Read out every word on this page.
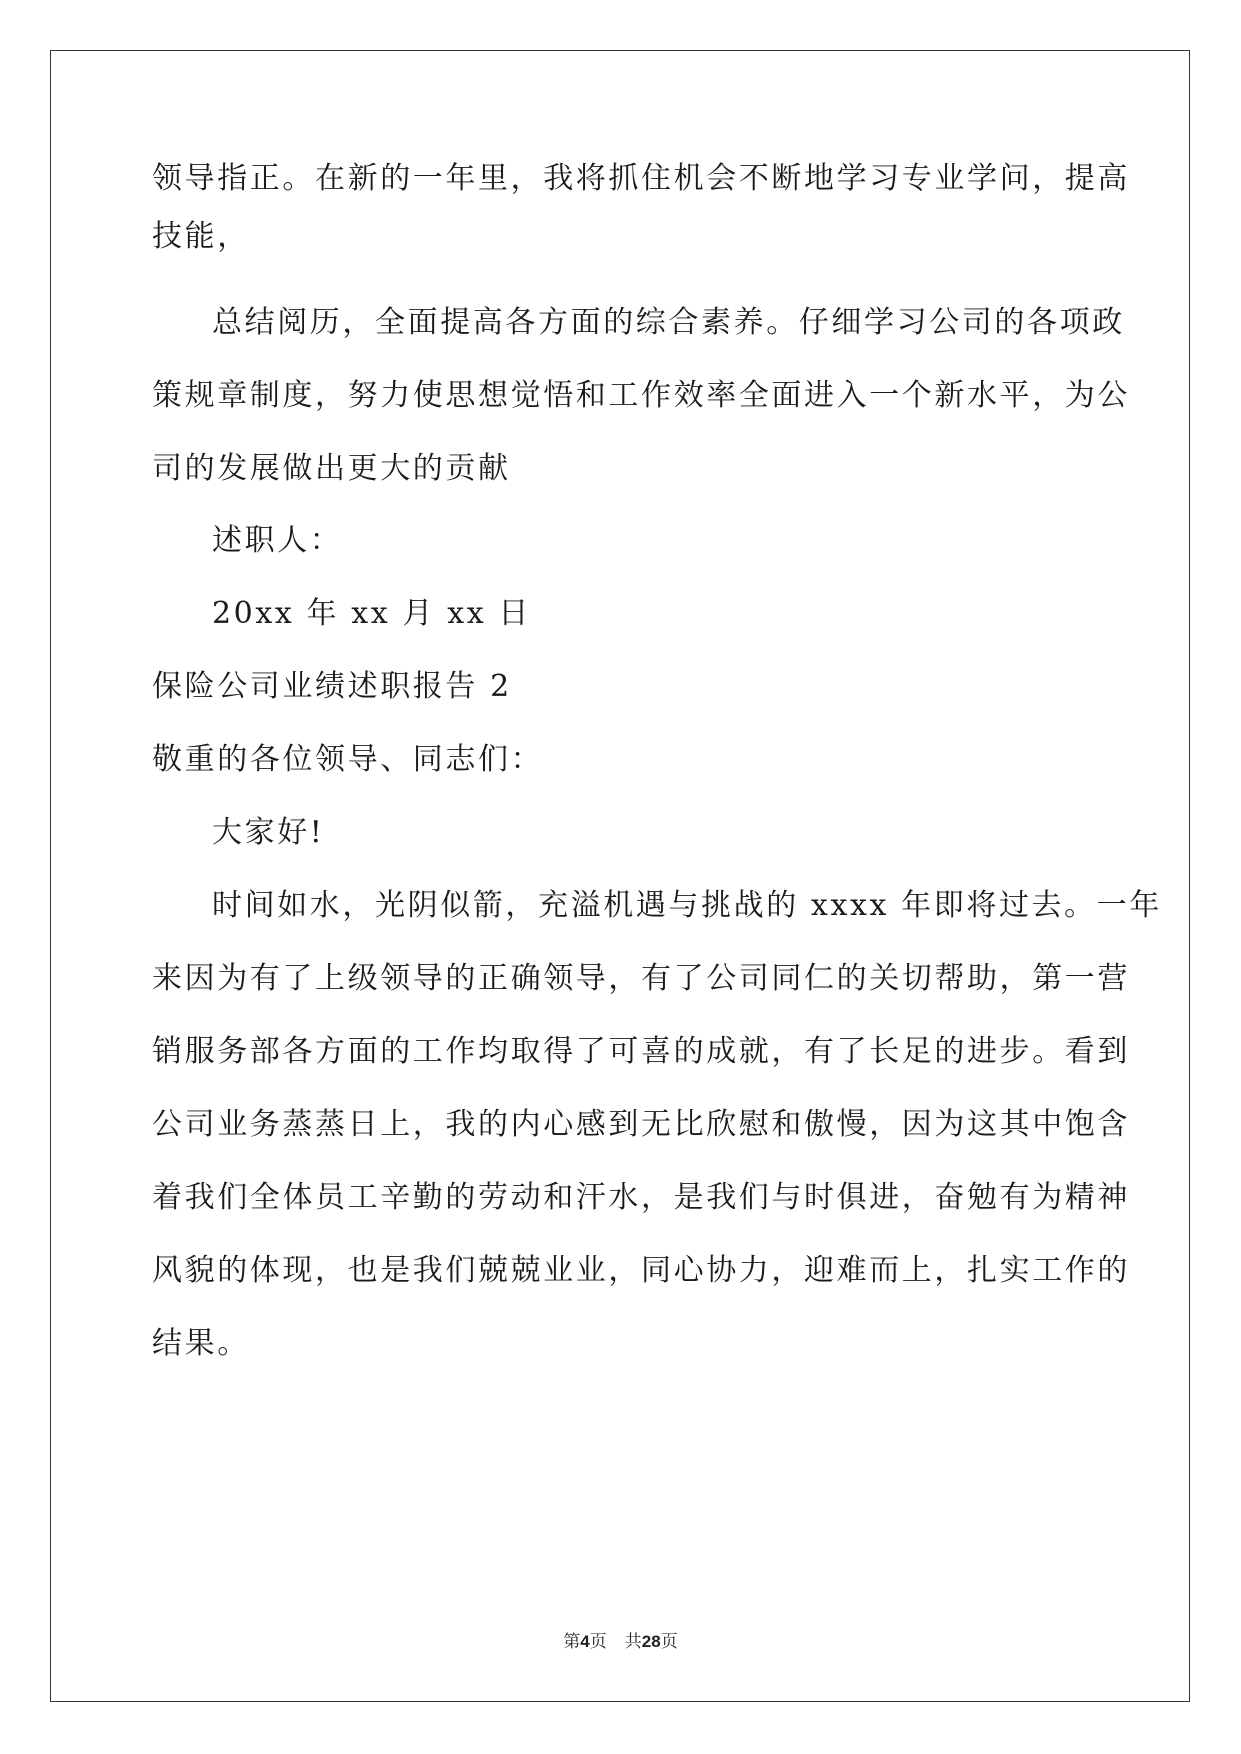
领导指正。在新的一年里，我将抓住机会不断地学习专业学问，提高
技能，
总结阅历，全面提高各方面的综合素养。仔细学习公司的各项政
策规章制度，努力使思想觉悟和工作效率全面进入一个新水平，为公
司的发展做出更大的贡献
述职人：
20xx 年 xx 月 xx 日
保险公司业绩述职报告 2
敬重的各位领导、同志们：
大家好!
时间如水，光阴似箭，充溢机遇与挑战的 xxxx 年即将过去。一年
来因为有了上级领导的正确领导，有了公司同仁的关切帮助，第一营
销服务部各方面的工作均取得了可喜的成就，有了长足的进步。看到
公司业务蒸蒸日上，我的内心感到无比欣慰和傲慢，因为这其中饱含
着我们全体员工辛勤的劳动和汗水，是我们与时俱进，奋勉有为精神
风貌的体现，也是我们兢兢业业，同心协力，迎难而上，扎实工作的
结果。
第4页 共28页
